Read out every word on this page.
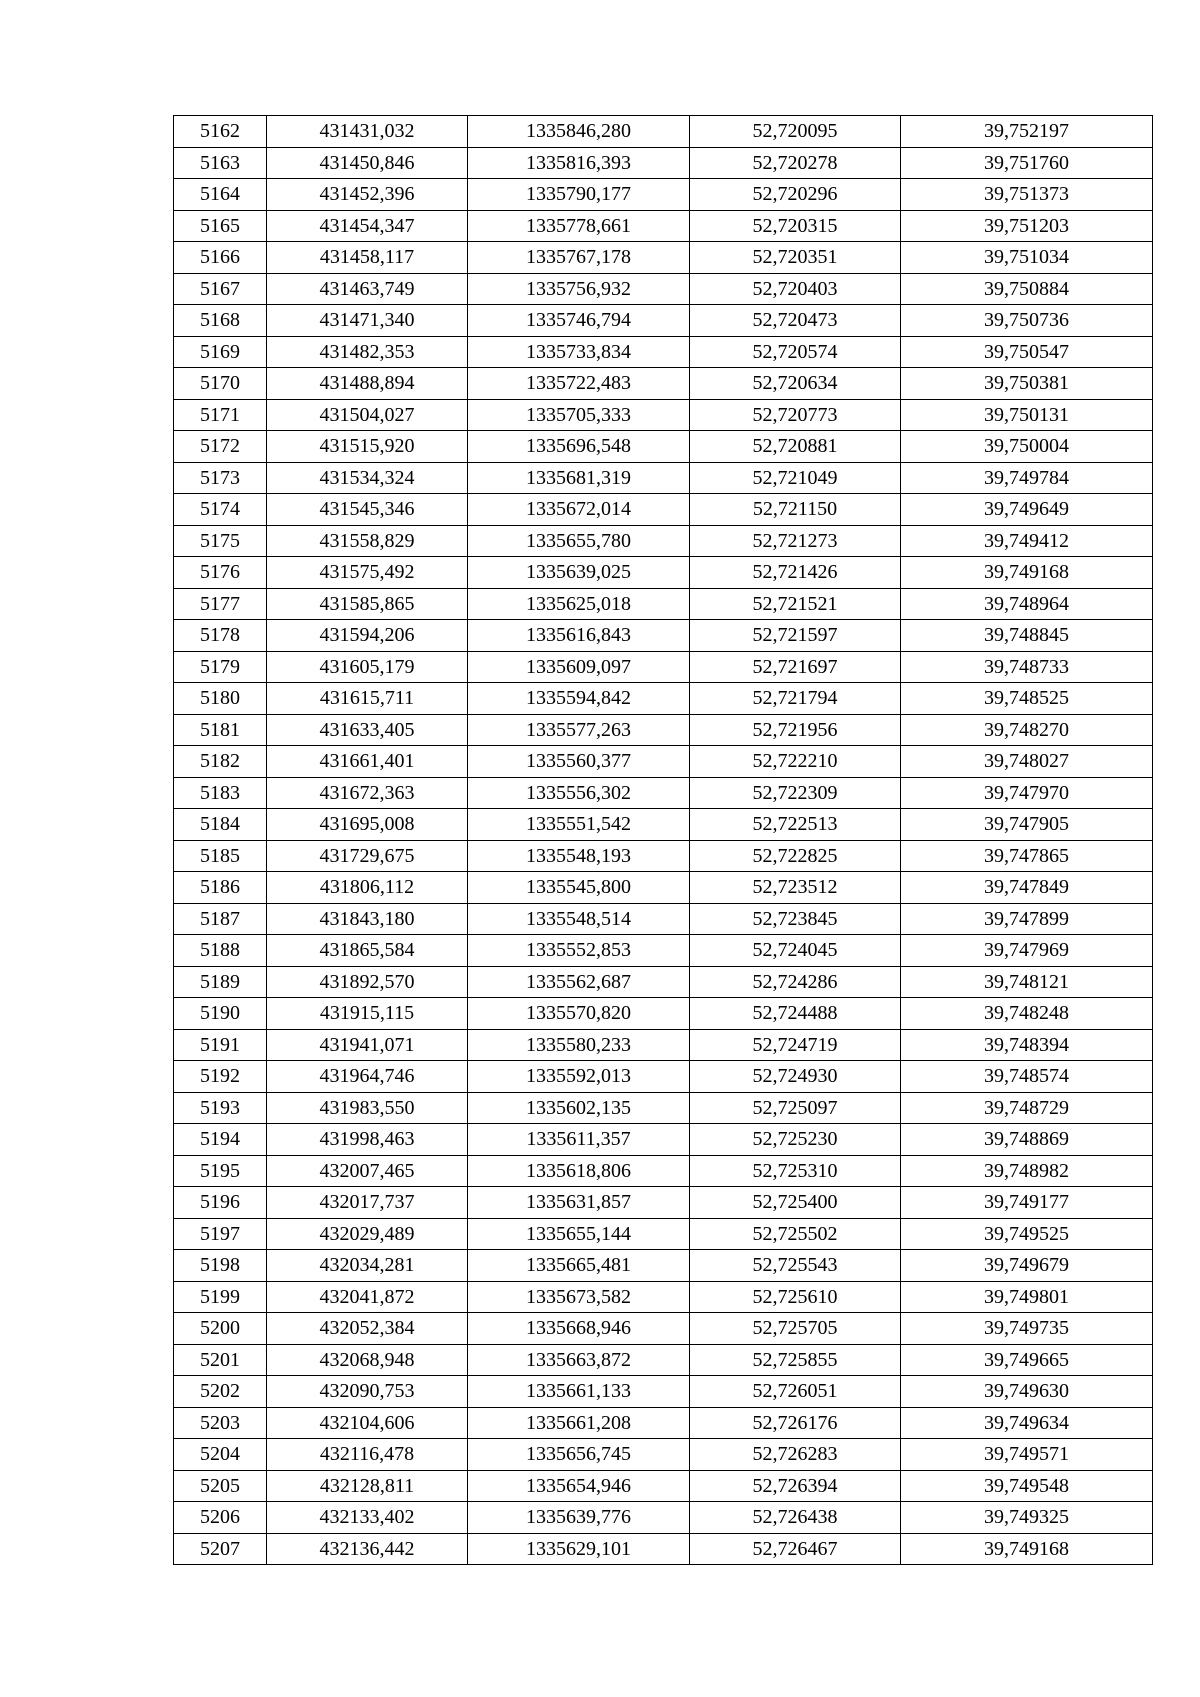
5162	431431,032	1335846,280	52,720095	39,752197
5163	431450,846	1335816,393	52,720278	39,751760
5164	431452,396	1335790,177	52,720296	39,751373
5165	431454,347	1335778,661	52,720315	39,751203
5166	431458,117	1335767,178	52,720351	39,751034
5167	431463,749	1335756,932	52,720403	39,750884
5168	431471,340	1335746,794	52,720473	39,750736
5169	431482,353	1335733,834	52,720574	39,750547
5170	431488,894	1335722,483	52,720634	39,750381
5171	431504,027	1335705,333	52,720773	39,750131
5172	431515,920	1335696,548	52,720881	39,750004
5173	431534,324	1335681,319	52,721049	39,749784
5174	431545,346	1335672,014	52,721150	39,749649
5175	431558,829	1335655,780	52,721273	39,749412
5176	431575,492	1335639,025	52,721426	39,749168
5177	431585,865	1335625,018	52,721521	39,748964
5178	431594,206	1335616,843	52,721597	39,748845
5179	431605,179	1335609,097	52,721697	39,748733
5180	431615,711	1335594,842	52,721794	39,748525
5181	431633,405	1335577,263	52,721956	39,748270
5182	431661,401	1335560,377	52,722210	39,748027
5183	431672,363	1335556,302	52,722309	39,747970
5184	431695,008	1335551,542	52,722513	39,747905
5185	431729,675	1335548,193	52,722825	39,747865
5186	431806,112	1335545,800	52,723512	39,747849
5187	431843,180	1335548,514	52,723845	39,747899
5188	431865,584	1335552,853	52,724045	39,747969
5189	431892,570	1335562,687	52,724286	39,748121
5190	431915,115	1335570,820	52,724488	39,748248
5191	431941,071	1335580,233	52,724719	39,748394
5192	431964,746	1335592,013	52,724930	39,748574
5193	431983,550	1335602,135	52,725097	39,748729
5194	431998,463	1335611,357	52,725230	39,748869
5195	432007,465	1335618,806	52,725310	39,748982
5196	432017,737	1335631,857	52,725400	39,749177
5197	432029,489	1335655,144	52,725502	39,749525
5198	432034,281	1335665,481	52,725543	39,749679
5199	432041,872	1335673,582	52,725610	39,749801
5200	432052,384	1335668,946	52,725705	39,749735
5201	432068,948	1335663,872	52,725855	39,749665
5202	432090,753	1335661,133	52,726051	39,749630
5203	432104,606	1335661,208	52,726176	39,749634
5204	432116,478	1335656,745	52,726283	39,749571
5205	432128,811	1335654,946	52,726394	39,749548
5206	432133,402	1335639,776	52,726438	39,749325
5207	432136,442	1335629,101	52,726467	39,749168
